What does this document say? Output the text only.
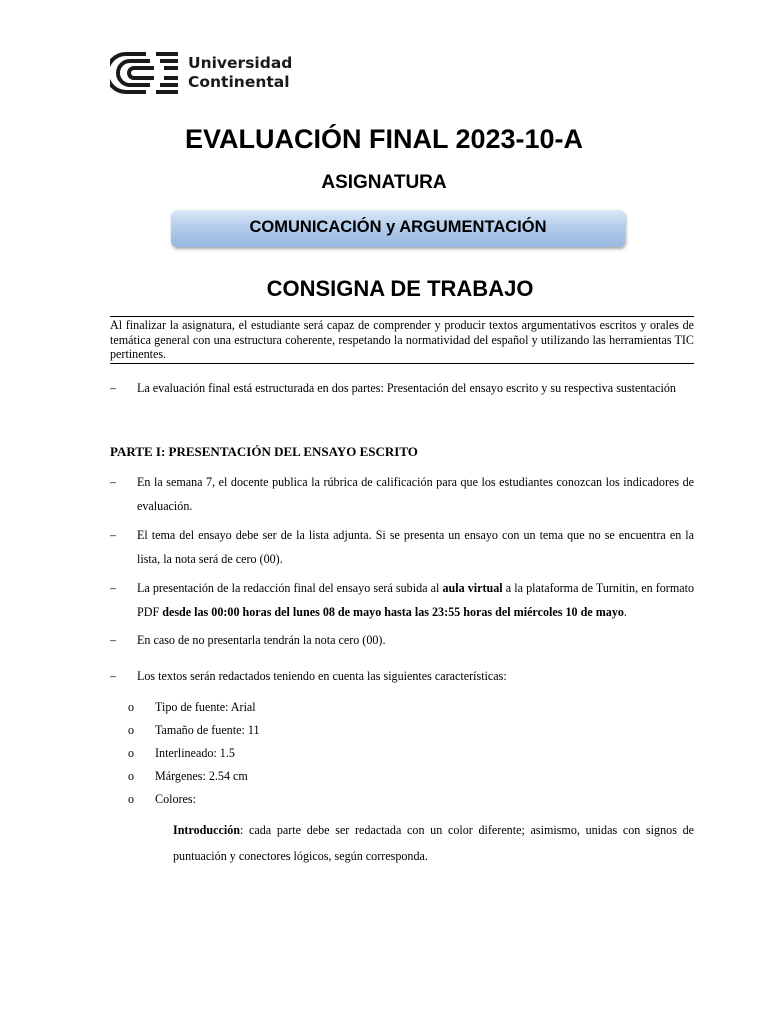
Universidad
Continental
EVALUACIÓN FINAL 2023-10-A
ASIGNATURA
COMUNICACIÓN y ARGUMENTACIÓN
CONSIGNA DE TRABAJO
Al finalizar la asignatura, el estudiante será capaz de comprender y producir textos argumentativos escritos y orales de temática general con una estructura coherente, respetando la normatividad del español y utilizando las herramientas TIC pertinentes.
– La evaluación final está estructurada en dos partes: Presentación del ensayo escrito y su respectiva sustentación
PARTE I: PRESENTACIÓN DEL ENSAYO ESCRITO
– En la semana 7, el docente publica la rúbrica de calificación para que los estudiantes conozcan los indicadores de evaluación.
– El tema del ensayo debe ser de la lista adjunta. Si se presenta un ensayo con un tema que no se encuentra en la lista, la nota será de cero (00).
– La presentación de la redacción final del ensayo será subida al aula virtual a la plataforma de Turnitin, en formato PDF desde las 00:00 horas del lunes 08 de mayo hasta las 23:55 horas del miércoles 10 de mayo.
– En caso de no presentarla tendrán la nota cero (00).
– Los textos serán redactados teniendo en cuenta las siguientes características:
o Tipo de fuente: Arial
o Tamaño de fuente: 11
o Interlineado: 1.5
o Márgenes: 2.54 cm
o Colores:
Introducción: cada parte debe ser redactada con un color diferente; asimismo, unidas con signos de puntuación y conectores lógicos, según corresponda.
